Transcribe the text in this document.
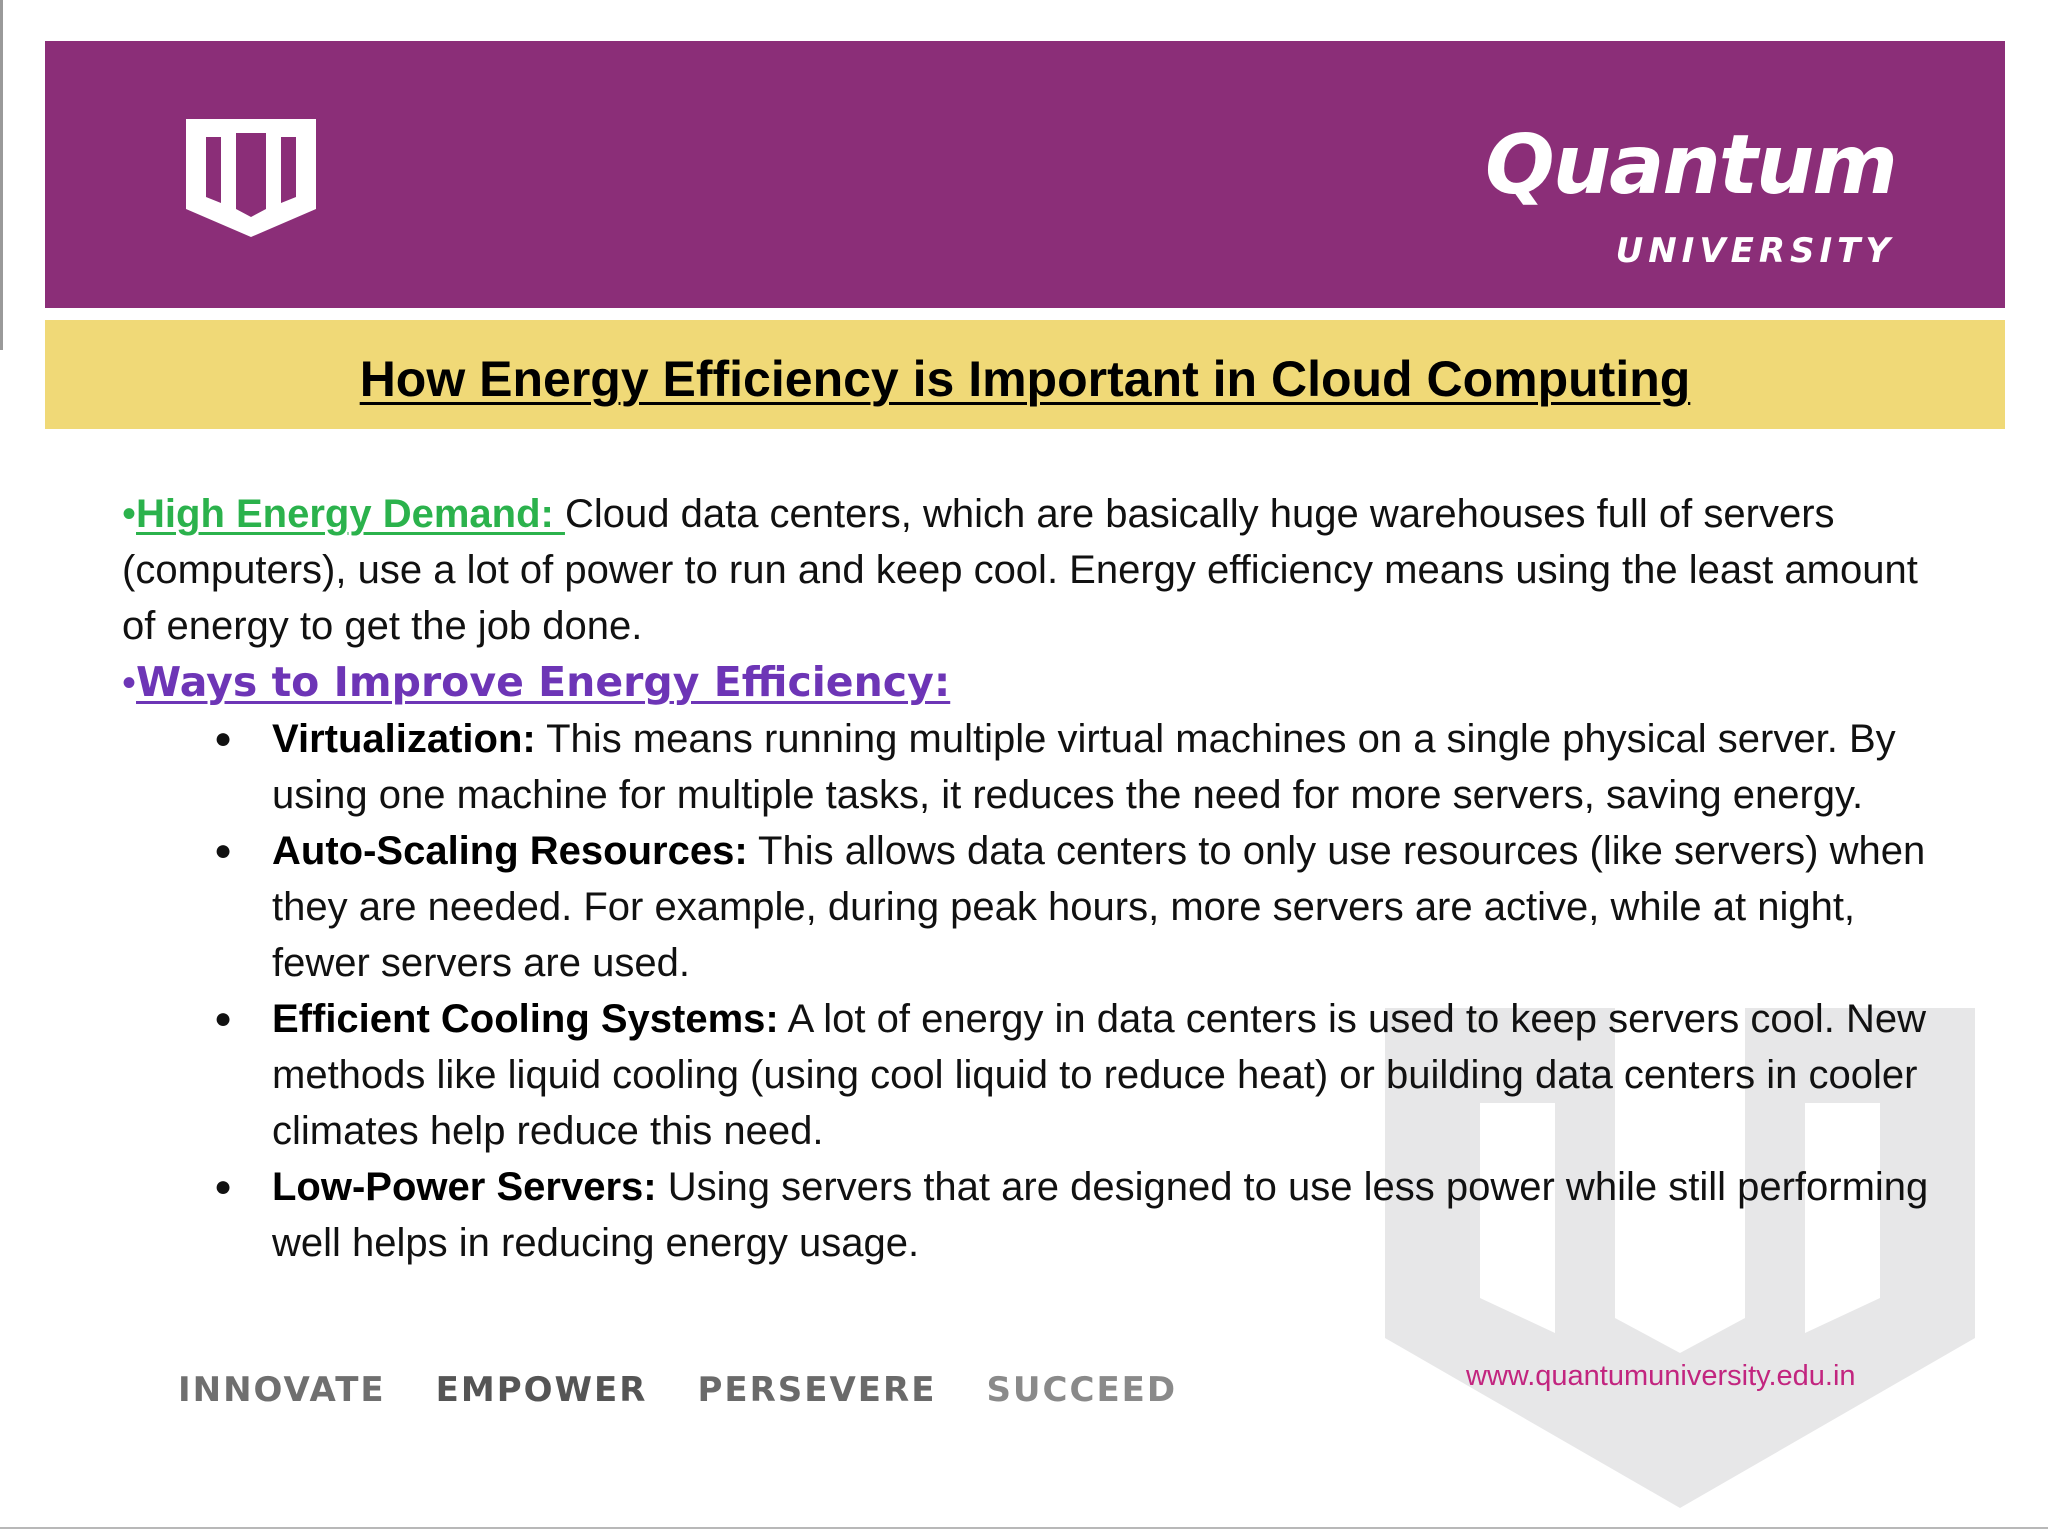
Quantum
UNIVERSITY
How Energy Efficiency is Important in Cloud Computing

•High Energy Demand: Cloud data centers, which are basically huge warehouses full of servers (computers), use a lot of power to run and keep cool. Energy efficiency means using the least amount of energy to get the job done.

•Ways to Improve Energy Efficiency:

● Virtualization: This means running multiple virtual machines on a single physical server. By using one machine for multiple tasks, it reduces the need for more servers, saving energy.
● Auto-Scaling Resources: This allows data centers to only use resources (like servers) when they are needed. For example, during peak hours, more servers are active, while at night, fewer servers are used.
● Efficient Cooling Systems: A lot of energy in data centers is used to keep servers cool. New methods like liquid cooling (using cool liquid to reduce heat) or building data centers in cooler climates help reduce this need.
● Low-Power Servers: Using servers that are designed to use less power while still performing well helps in reducing energy usage.
INNOVATE EMPOWER PERSEVERE SUCCEED	www.quantumuniversity.edu.in
